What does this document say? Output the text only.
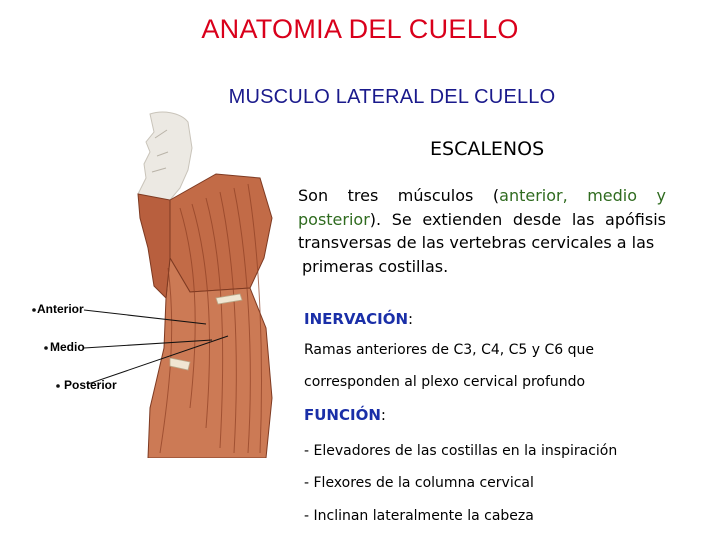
ANATOMIA DEL CUELLO
MUSCULO LATERAL DEL CUELLO
Anterior
Medio
Posterior
ESCALENOS
Son tres músculos (anterior, medio y posterior). Se extienden desde las apófisis transversas de las vertebras cervicales a las
primeras costillas.
INERVACIÓN:
Ramas anteriores de C3, C4, C5 y C6 que
corresponden al plexo cervical profundo
FUNCIÓN:
- Elevadores de las costillas en la inspiración
- Flexores de la columna cervical
- Inclinan lateralmente la cabeza
